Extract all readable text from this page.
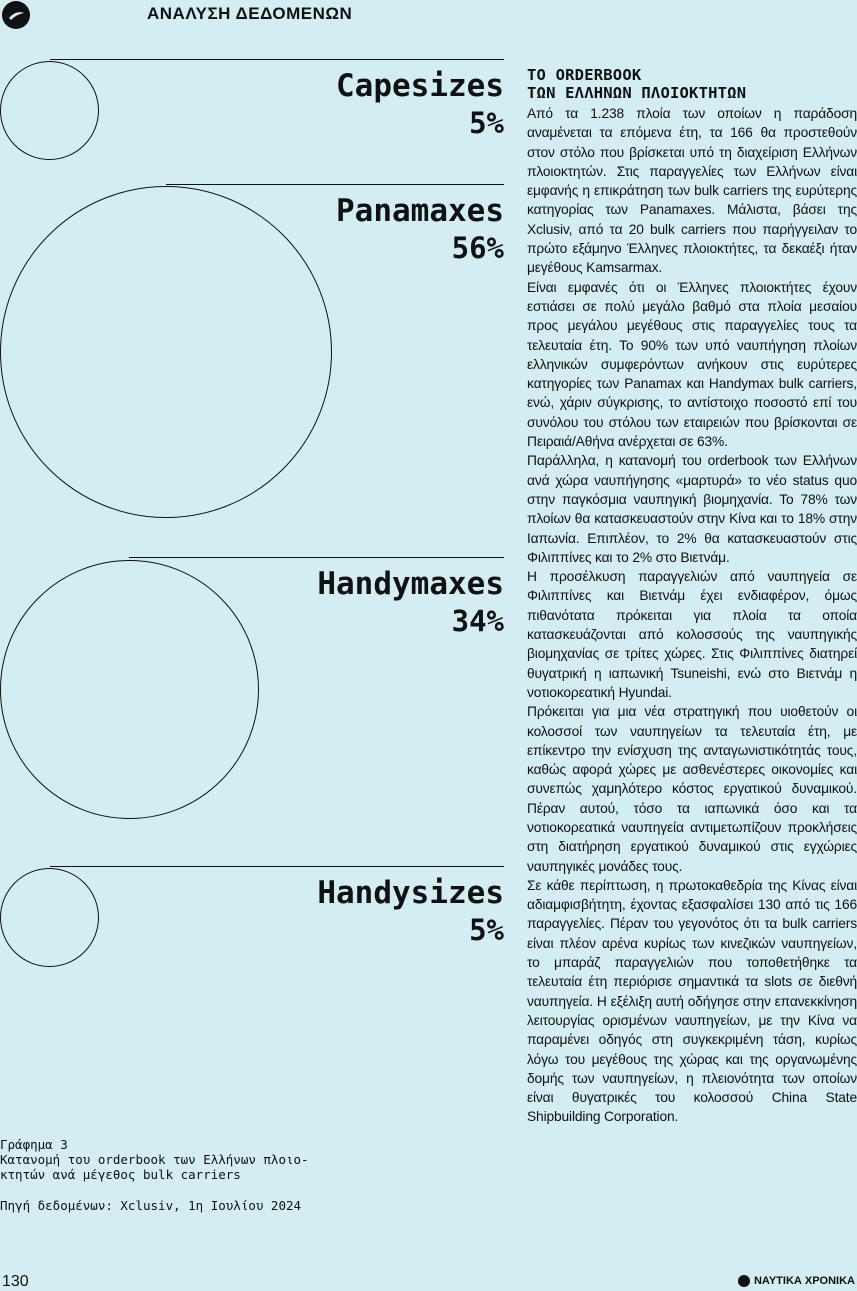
ΑΝΑΛΥΣΗ ΔΕΔΟΜΕΝΩΝ
Capesizes
5%
Panamaxes
56%
Handymaxes
34%
Handysizes
5%

Γράφημα 3

Κατανομή του orderbook των Ελλήνων πλοιο-κτητών ανά μέγεθος bulk carriers

Πηγή δεδομένων: Xclusiv, 1η Ιουλίου 2024

ΤΟ ORDERBOOK
ΤΩΝ ΕΛΛΗΝΩΝ ΠΛΟΙΟΚΤΗΤΩΝ

Από τα 1.238 πλοία των οποίων η παράδοση αναμένεται τα επόμενα έτη, τα 166 θα προστεθούν στον στόλο που βρίσκεται υπό τη διαχείριση Ελλήνων πλοιοκτητών. Στις παραγγελίες των Ελλήνων είναι εμφανής η επικράτηση των bulk carriers της ευρύτερης κατηγορίας των Panamaxes. Μάλιστα, βάσει της Xclusiv, από τα 20 bulk carriers που παρήγγειλαν το πρώτο εξάμηνο Έλληνες πλοιοκτήτες, τα δεκαέξι ήταν μεγέθους Kamsarmax.

Είναι εμφανές ότι οι Έλληνες πλοιοκτήτες έχουν εστιάσει σε πολύ μεγάλο βαθμό στα πλοία μεσαίου προς μεγάλου μεγέθους στις παραγγελίες τους τα τελευταία έτη. Το 90% των υπό ναυπήγηση πλοίων ελληνικών συμφερόντων ανήκουν στις ευρύτερες κατηγορίες των Panamax και Handymax bulk carriers, ενώ, χάριν σύγκρισης, το αντίστοιχο ποσοστό επί του συνόλου του στόλου των εταιρειών που βρίσκονται σε Πειραιά/Αθήνα ανέρχεται σε 63%.

Παράλληλα, η κατανομή του orderbook των Ελλήνων ανά χώρα ναυπήγησης «μαρτυρά» το νέο status quo στην παγκόσμια ναυπηγική βιομηχανία. Το 78% των πλοίων θα κατασκευαστούν στην Κίνα και το 18% στην Ιαπωνία. Επιπλέον, το 2% θα κατασκευαστούν στις Φιλιππίνες και το 2% στο Βιετνάμ.

Η προσέλκυση παραγγελιών από ναυπηγεία σε Φιλιππίνες και Βιετνάμ έχει ενδιαφέρον, όμως πιθανότατα πρόκειται για πλοία τα οποία κατασκευάζονται από κολοσσούς της ναυπηγικής βιομηχανίας σε τρίτες χώρες. Στις Φιλιππίνες διατηρεί θυγατρική η ιαπωνική Tsuneishi, ενώ στο Βιετνάμ η νοτιοκορεατική Hyundai.

Πρόκειται για μια νέα στρατηγική που υιοθετούν οι κολοσσοί των ναυπηγείων τα τελευταία έτη, με επίκεντρο την ενίσχυση της ανταγωνιστικότητάς τους, καθώς αφορά χώρες με ασθενέστερες οικονομίες και συνεπώς χαμηλότερο κόστος εργατικού δυναμικού. Πέραν αυτού, τόσο τα ιαπωνικά όσο και τα νοτιοκορεατικά ναυπηγεία αντιμετωπίζουν προκλήσεις στη διατήρηση εργατικού δυναμικού στις εγχώριες ναυπηγικές μονάδες τους.

Σε κάθε περίπτωση, η πρωτοκαθεδρία της Κίνας είναι αδιαμφισβήτητη, έχοντας εξασφαλίσει 130 από τις 166 παραγγελίες. Πέραν του γεγονότος ότι τα bulk carriers είναι πλέον αρένα κυρίως των κινεζικών ναυπηγείων, το μπαράζ παραγγελιών που τοποθετήθηκε τα τελευταία έτη περιόρισε σημαντικά τα slots σε διεθνή ναυπηγεία. Η εξέλιξη αυτή οδήγησε στην επανεκκίνηση λειτουργίας ορισμένων ναυπηγείων, με την Κίνα να παραμένει οδηγός στη συγκεκριμένη τάση, κυρίως λόγω του μεγέθους της χώρας και της οργανωμένης δομής των ναυπηγείων, η πλειονότητα των οποίων είναι θυγατρικές του κολοσσού China State Shipbuilding Corporation.

130	ΝΑΥΤΙΚΑ ΧΡΟΝΙΚΑ
